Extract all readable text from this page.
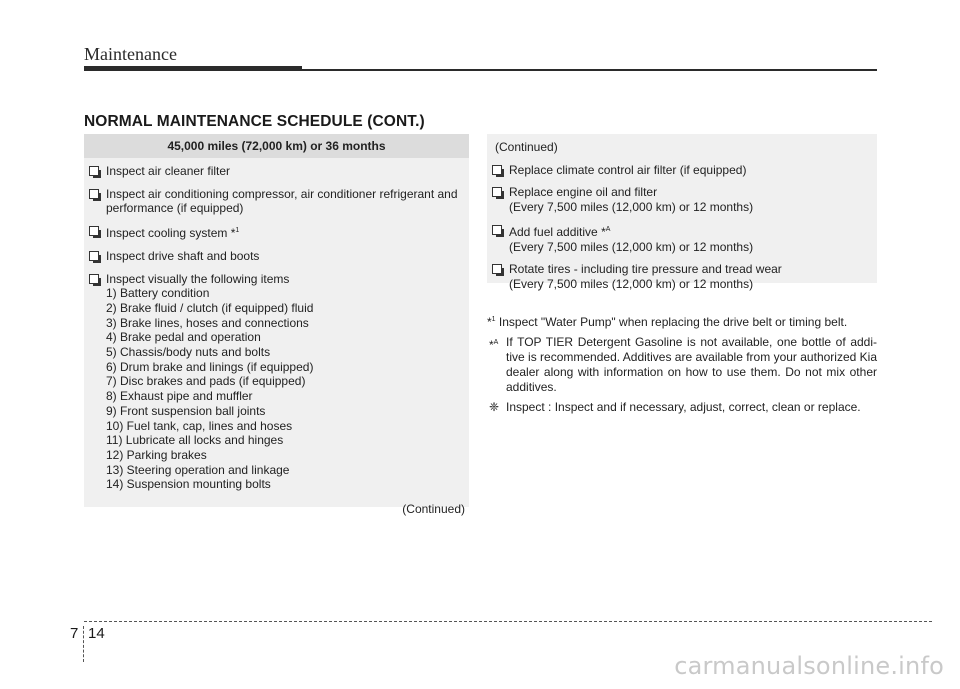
Maintenance
NORMAL MAINTENANCE SCHEDULE (CONT.)
45,000 miles (72,000 km) or 36 months
Inspect air cleaner filter
Inspect air conditioning compressor, air conditioner refrigerant and performance (if equipped)
Inspect cooling system *$^1$
Inspect drive shaft and boots
Inspect visually the following items
1) Battery condition
2) Brake fluid / clutch (if equipped) fluid
3) Brake lines, hoses and connections
4) Brake pedal and operation
5) Chassis/body nuts and bolts
6) Drum brake and linings (if equipped)
7) Disc brakes and pads (if equipped)
8) Exhaust pipe and muffler
9) Front suspension ball joints
10) Fuel tank, cap, lines and hoses
11) Lubricate all locks and hinges
12) Parking brakes
13) Steering operation and linkage
14) Suspension mounting bolts
(Continued)
(Continued)
Replace climate control air filter (if equipped)
Replace engine oil and filter
(Every 7,500 miles (12,000 km) or 12 months)
Add fuel additive *$^A$
(Every 7,500 miles (12,000 km) or 12 months)
Rotate tires - including tire pressure and tread wear
(Every 7,500 miles (12,000 km) or 12 months)
*$^1$ Inspect "Water Pump" when replacing the drive belt or timing belt.
*$^A$ If TOP TIER Detergent Gasoline is not available, one bottle of addi-tive is recommended. Additives are available from your authorized Kia dealer along with information on how to use them. Do not mix other additives.
❈ Inspect : Inspect and if necessary, adjust, correct, clean or replace.
7 14
carmanualsonline.info
